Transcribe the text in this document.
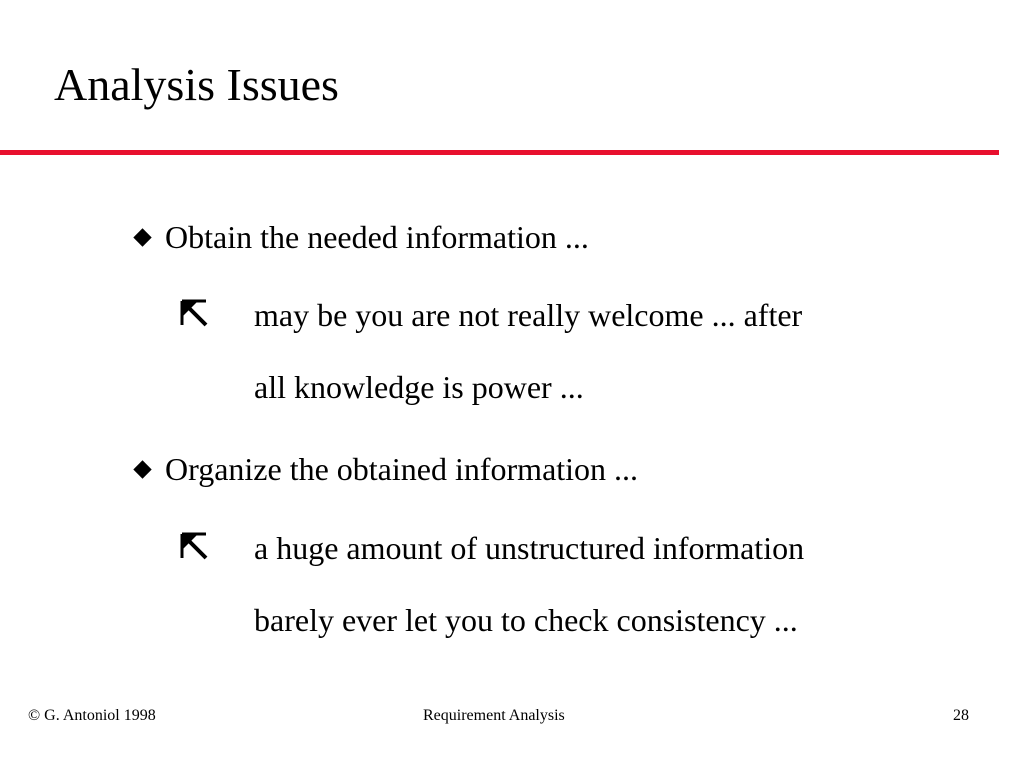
Analysis Issues
Obtain the needed information ...
may be you are not really welcome ... after
all knowledge is power ...
Organize the obtained information ...
a huge amount of unstructured information
barely ever let you to check consistency ...
© G. Antoniol 1998	Requirement Analysis	28
